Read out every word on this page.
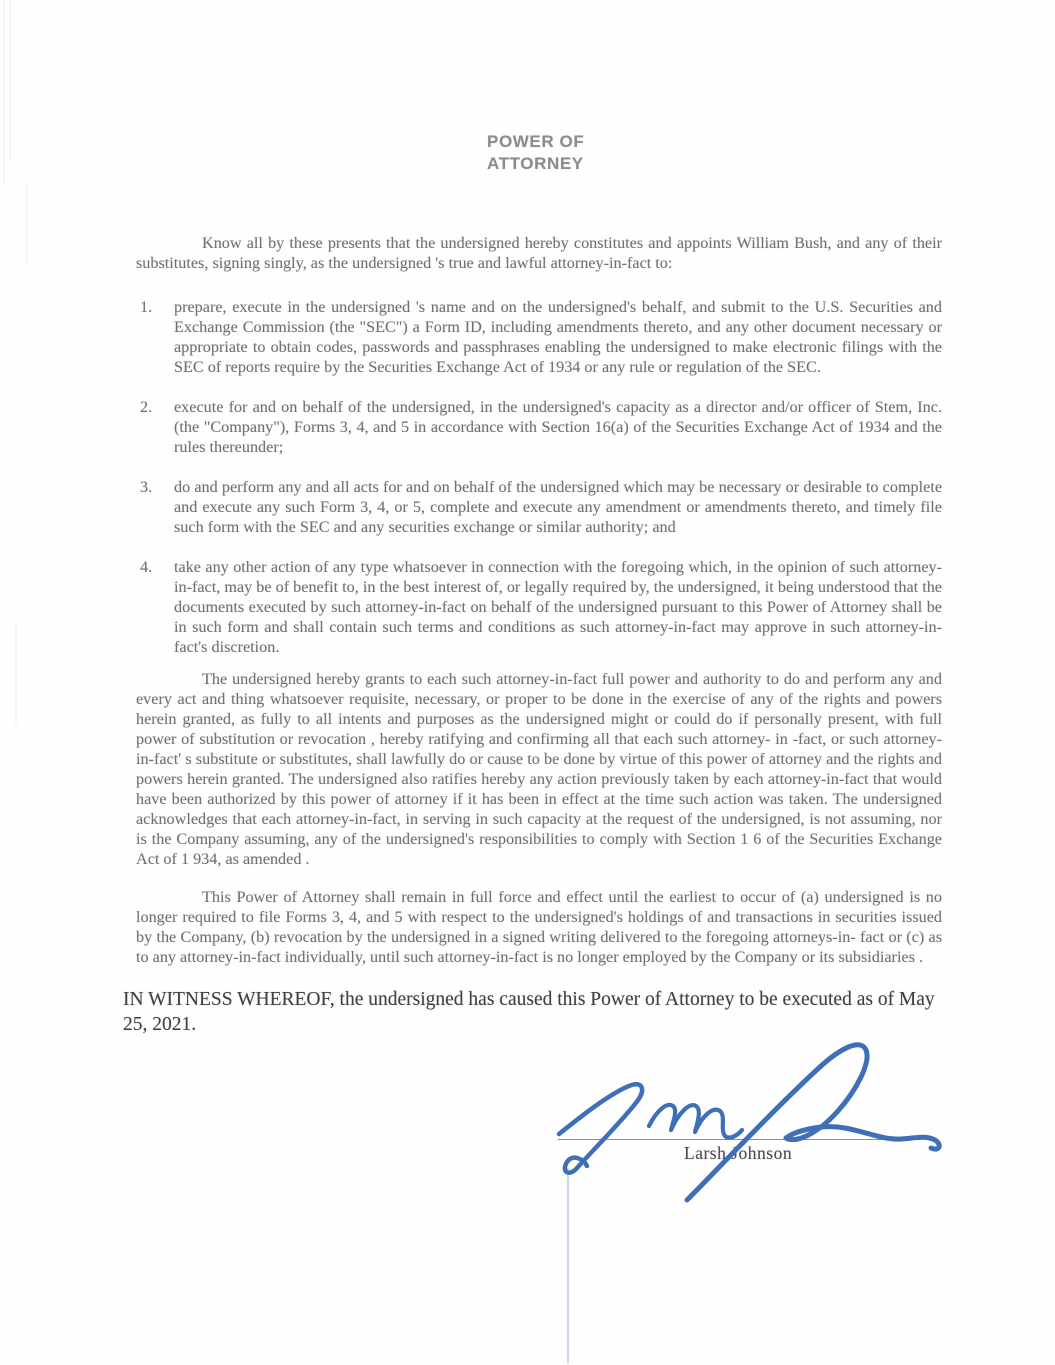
POWER OF
ATTORNEY

Know all by these presents that the undersigned hereby constitutes and appoints William Bush, and any of their substitutes, signing singly, as the undersigned 's true and lawful attorney-in-fact to:

1.	prepare, execute in the undersigned 's name and on the undersigned's behalf, and submit to the U.S. Securities and Exchange Commission (the "SEC") a Form ID, including amendments thereto, and any other document necessary or appropriate to obtain codes, passwords and passphrases enabling the undersigned to make electronic filings with the SEC of reports require by the Securities Exchange Act of 1934 or any rule or regulation of the SEC.
2.	execute for and on behalf of the undersigned, in the undersigned's capacity as a director and/or officer of Stem, Inc. (the "Company"), Forms 3, 4, and 5 in accordance with Section 16(a) of the Securities Exchange Act of 1934 and the rules thereunder;
3.	do and perform any and all acts for and on behalf of the undersigned which may be necessary or desirable to complete and execute any such Form 3, 4, or 5, complete and execute any amendment or amendments thereto, and timely file such form with the SEC and any securities exchange or similar authority; and
4.	take any other action of any type whatsoever in connection with the foregoing which, in the opinion of such attorney-in-fact, may be of benefit to, in the best interest of, or legally required by, the undersigned, it being understood that the documents executed by such attorney-in-fact on behalf of the undersigned pursuant to this Power of Attorney shall be in such form and shall contain such terms and conditions as such attorney-in-fact may approve in such attorney-in-fact's discretion.

The undersigned hereby grants to each such attorney-in-fact full power and authority to do and perform any and every act and thing whatsoever requisite, necessary, or proper to be done in the exercise of any of the rights and powers herein granted, as fully to all intents and purposes as the undersigned might or could do if personally present, with full power of substitution or revocation , hereby ratifying and confirming all that each such attorney- in -fact, or such attorney-in-fact' s substitute or substitutes, shall lawfully do or cause to be done by virtue of this power of attorney and the rights and powers herein granted. The undersigned also ratifies hereby any action previously taken by each attorney-in-fact that would have been authorized by this power of attorney if it has been in effect at the time such action was taken. The undersigned acknowledges that each attorney-in-fact, in serving in such capacity at the request of the undersigned, is not assuming, nor is the Company assuming, any of the undersigned's responsibilities to comply with Section 1 6 of the Securities Exchange Act of 1 934, as amended .

This Power of Attorney shall remain in full force and effect until the earliest to occur of (a) undersigned is no longer required to file Forms 3, 4, and 5 with respect to the undersigned's holdings of and transactions in securities issued by the Company, (b) revocation by the undersigned in a signed writing delivered to the foregoing attorneys-in- fact or (c) as to any attorney-in-fact individually, until such attorney-in-fact is no longer employed by the Company or its subsidiaries .

IN WITNESS WHEREOF, the undersigned has caused this Power of Attorney to be executed as of May 25, 2021.

Larsh Johnson
